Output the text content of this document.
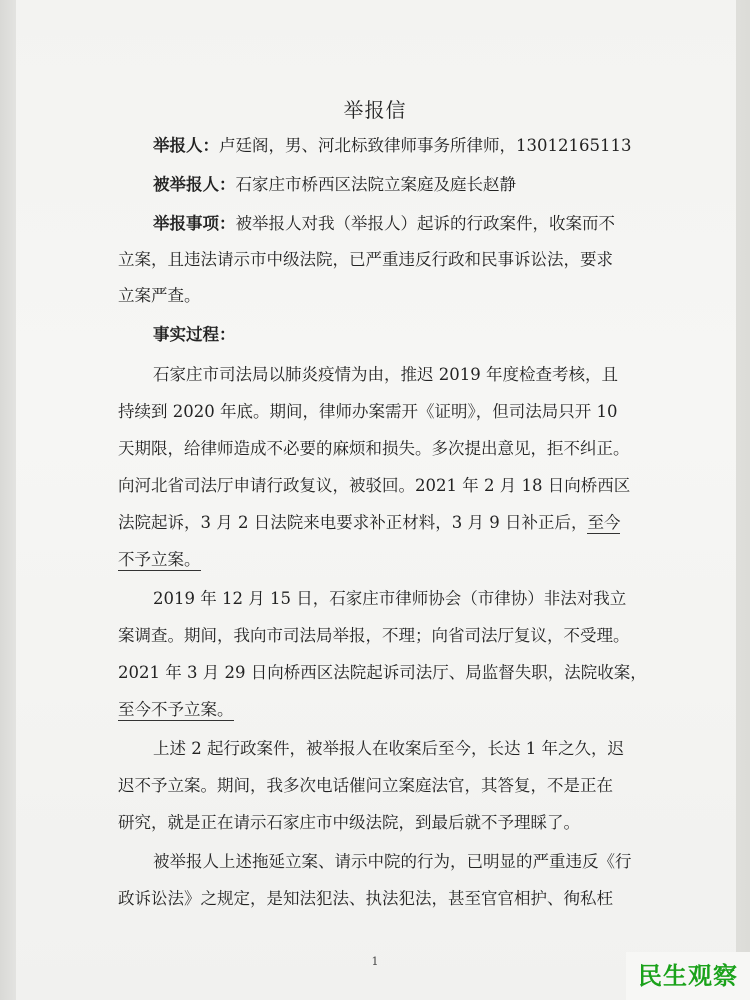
举报信
举报人：卢廷阁，男、河北标致律师事务所律师，13012165113
被举报人：石家庄市桥西区法院立案庭及庭长赵静
举报事项：被举报人对我（举报人）起诉的行政案件，收案而不
立案，且违法请示市中级法院，已严重违反行政和民事诉讼法，要求
立案严查。
事实过程：
石家庄市司法局以肺炎疫情为由，推迟 2019 年度检查考核，且
持续到 2020 年底。期间，律师办案需开《证明》，但司法局只开 10
天期限，给律师造成不必要的麻烦和损失。多次提出意见，拒不纠正。
向河北省司法厅申请行政复议，被驳回。2021 年 2 月 18 日向桥西区
法院起诉，3 月 2 日法院来电要求补正材料，3 月 9 日补正后，至今
不予立案。
2019 年 12 月 15 日，石家庄市律师协会（市律协）非法对我立
案调查。期间，我向市司法局举报，不理；向省司法厅复议，不受理。
2021 年 3 月 29 日向桥西区法院起诉司法厅、局监督失职，法院收案，
至今不予立案。
上述 2 起行政案件，被举报人在收案后至今，长达 1 年之久，迟
迟不予立案。期间，我多次电话催问立案庭法官，其答复，不是正在
研究，就是正在请示石家庄市中级法院，到最后就不予理睬了。
被举报人上述拖延立案、请示中院的行为，已明显的严重违反《行
政诉讼法》之规定，是知法犯法、执法犯法，甚至官官相护、徇私枉
1
民生观察
